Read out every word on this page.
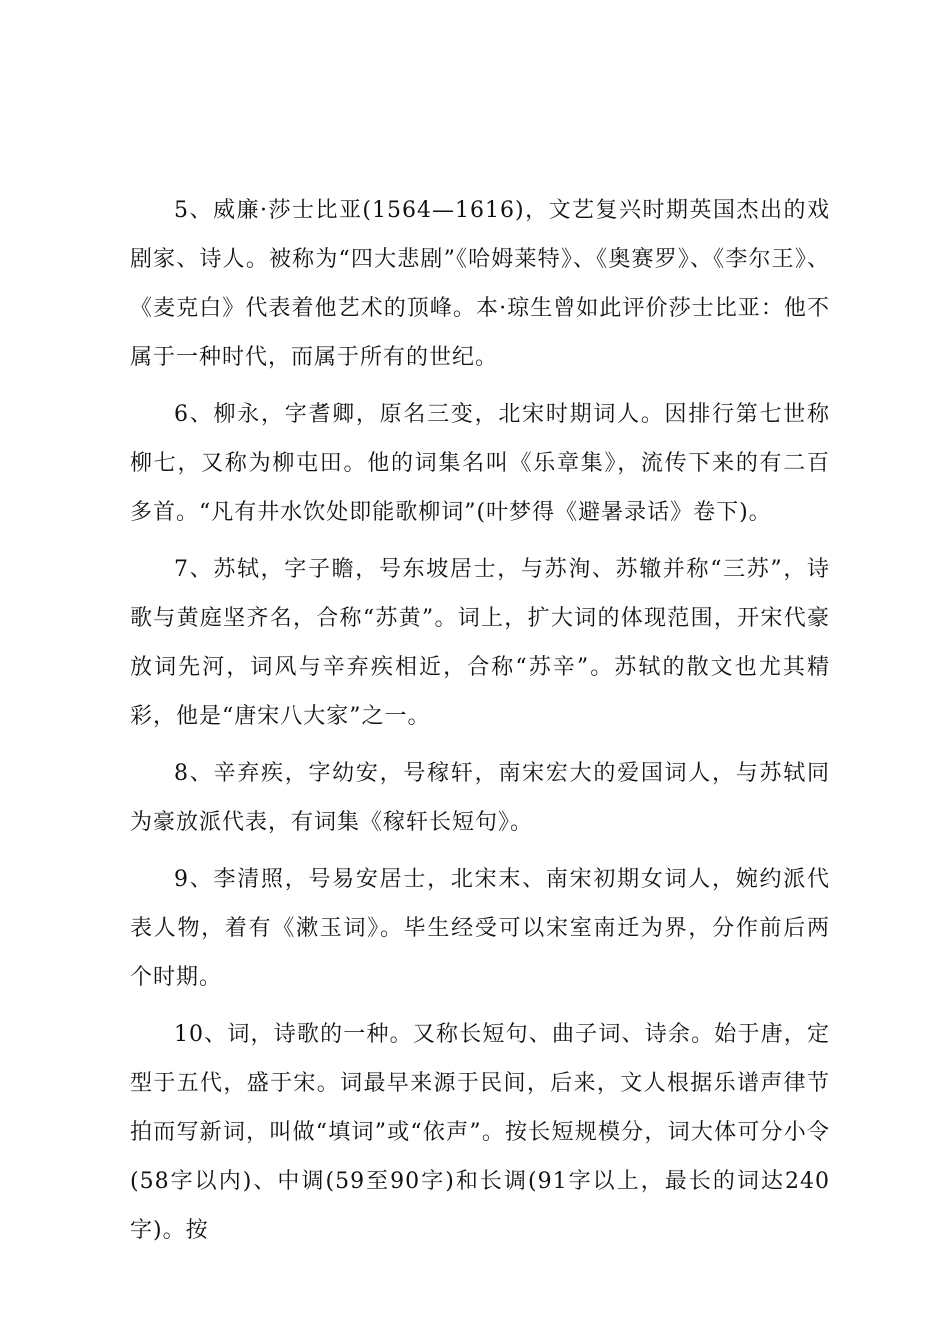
5、威廉·莎士比亚(1564—1616)，文艺复兴时期英国杰出的戏剧家、诗人。被称为“四大悲剧”《哈姆莱特》、《奥赛罗》、《李尔王》、《麦克白》代表着他艺术的顶峰。本·琼生曾如此评价莎士比亚：他不属于一种时代，而属于所有的世纪。

6、柳永，字耆卿，原名三变，北宋时期词人。因排行第七世称柳七，又称为柳屯田。他的词集名叫《乐章集》，流传下来的有二百多首。“凡有井水饮处即能歌柳词”(叶梦得《避暑录话》卷下)。

7、苏轼，字子瞻，号东坡居士，与苏洵、苏辙并称“三苏”，诗歌与黄庭坚齐名，合称“苏黄”。词上，扩大词的体现范围，开宋代豪放词先河，词风与辛弃疾相近，合称“苏辛”。苏轼的散文也尤其精彩，他是“唐宋八大家”之一。

8、辛弃疾，字幼安，号稼轩，南宋宏大的爱国词人，与苏轼同为豪放派代表，有词集《稼轩长短句》。

9、李清照，号易安居士，北宋末、南宋初期女词人，婉约派代表人物，着有《漱玉词》。毕生经受可以宋室南迁为界，分作前后两个时期。

10、词，诗歌的一种。又称长短句、曲子词、诗余。始于唐，定型于五代，盛于宋。词最早来源于民间，后来，文人根据乐谱声律节拍而写新词，叫做“填词”或“依声”。按长短规模分，词大体可分小令(58字以内)、中调(59至90字)和长调(91字以上，最长的词达240字)。按
